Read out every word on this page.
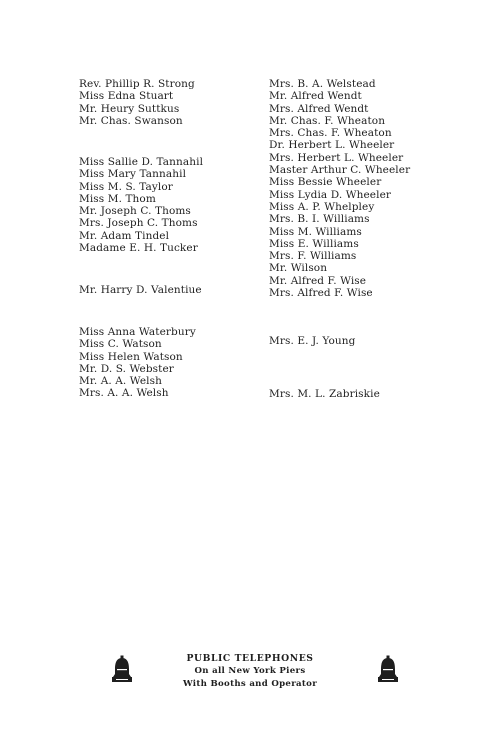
Rev. Phillip R. Strong
Miss Edna Stuart
Mr. Heury Suttkus
Mr. Chas. Swanson
Miss Sallie D. Tannahil
Miss Mary Tannahil
Miss M. S. Taylor
Miss M. Thom
Mr. Joseph C. Thoms
Mrs. Joseph C. Thoms
Mr. Adam Tindel
Madame E. H. Tucker
Mr. Harry D. Valentiue
Miss Anna Waterbury
Miss C. Watson
Miss Helen Watson
Mr. D. S. Webster
Mr. A. A. Welsh
Mrs. A. A. Welsh
Mrs. B. A. Welstead
Mr. Alfred Wendt
Mrs. Alfred Wendt
Mr. Chas. F. Wheaton
Mrs. Chas. F. Wheaton
Dr. Herbert L. Wheeler
Mrs. Herbert L. Wheeler
Master Arthur C. Wheeler
Miss Bessie Wheeler
Miss Lydia D. Wheeler
Miss A. P. Whelpley
Mrs. B. I. Williams
Miss M. Williams
Miss E. Williams
Mrs. F. Williams
Mr. Wilson
Mr. Alfred F. Wise
Mrs. Alfred F. Wise
Mrs. E. J. Young
Mrs. M. L. Zabriskie
PUBLIC TELEPHONES
On all New York Piers
With Booths and Operator
